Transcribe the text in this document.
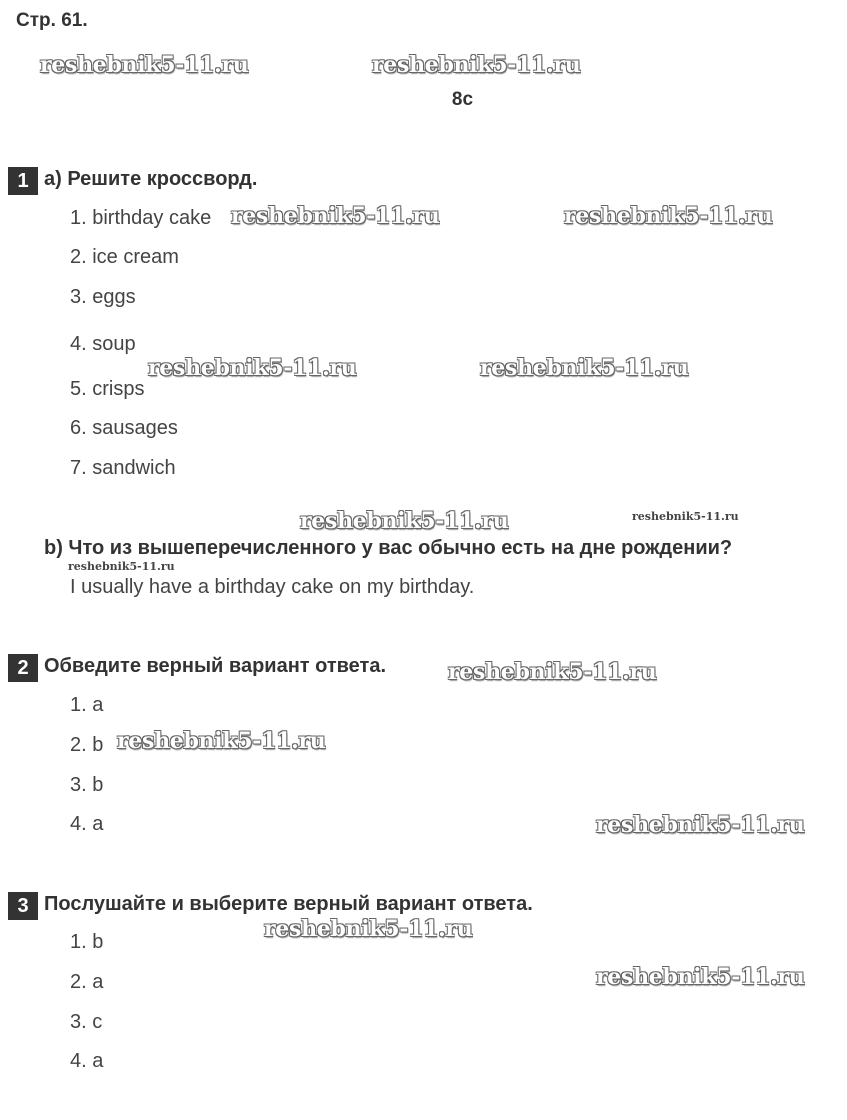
Стр. 61.
reshebnik5-11.ru	reshebnik5-11.ru
8c
1 a) Решите кроссворд.
1. birthday cake reshebnik5-11.ru	reshebnik5-11.ru
2. ice cream
3. eggs
4. soup
reshebnik5-11.ru	reshebnik5-11.ru
5. crisps
6. sausages
7. sandwich
reshebnik5-11.ru	reshebnik5-11.ru
b) Что из вышеперечисленного у вас обычно есть на дне рождении?
reshebnik5-11.ru
I usually have a birthday cake on my birthday.
2 Обведите верный вариант ответа.	reshebnik5-11.ru
1. a
2. b reshebnik5-11.ru
3. b
4. a	reshebnik5-11.ru
3 Послушайте и выберите верный вариант ответа.
reshebnik5-11.ru
1. b
2. a	reshebnik5-11.ru
3. c
4. a
